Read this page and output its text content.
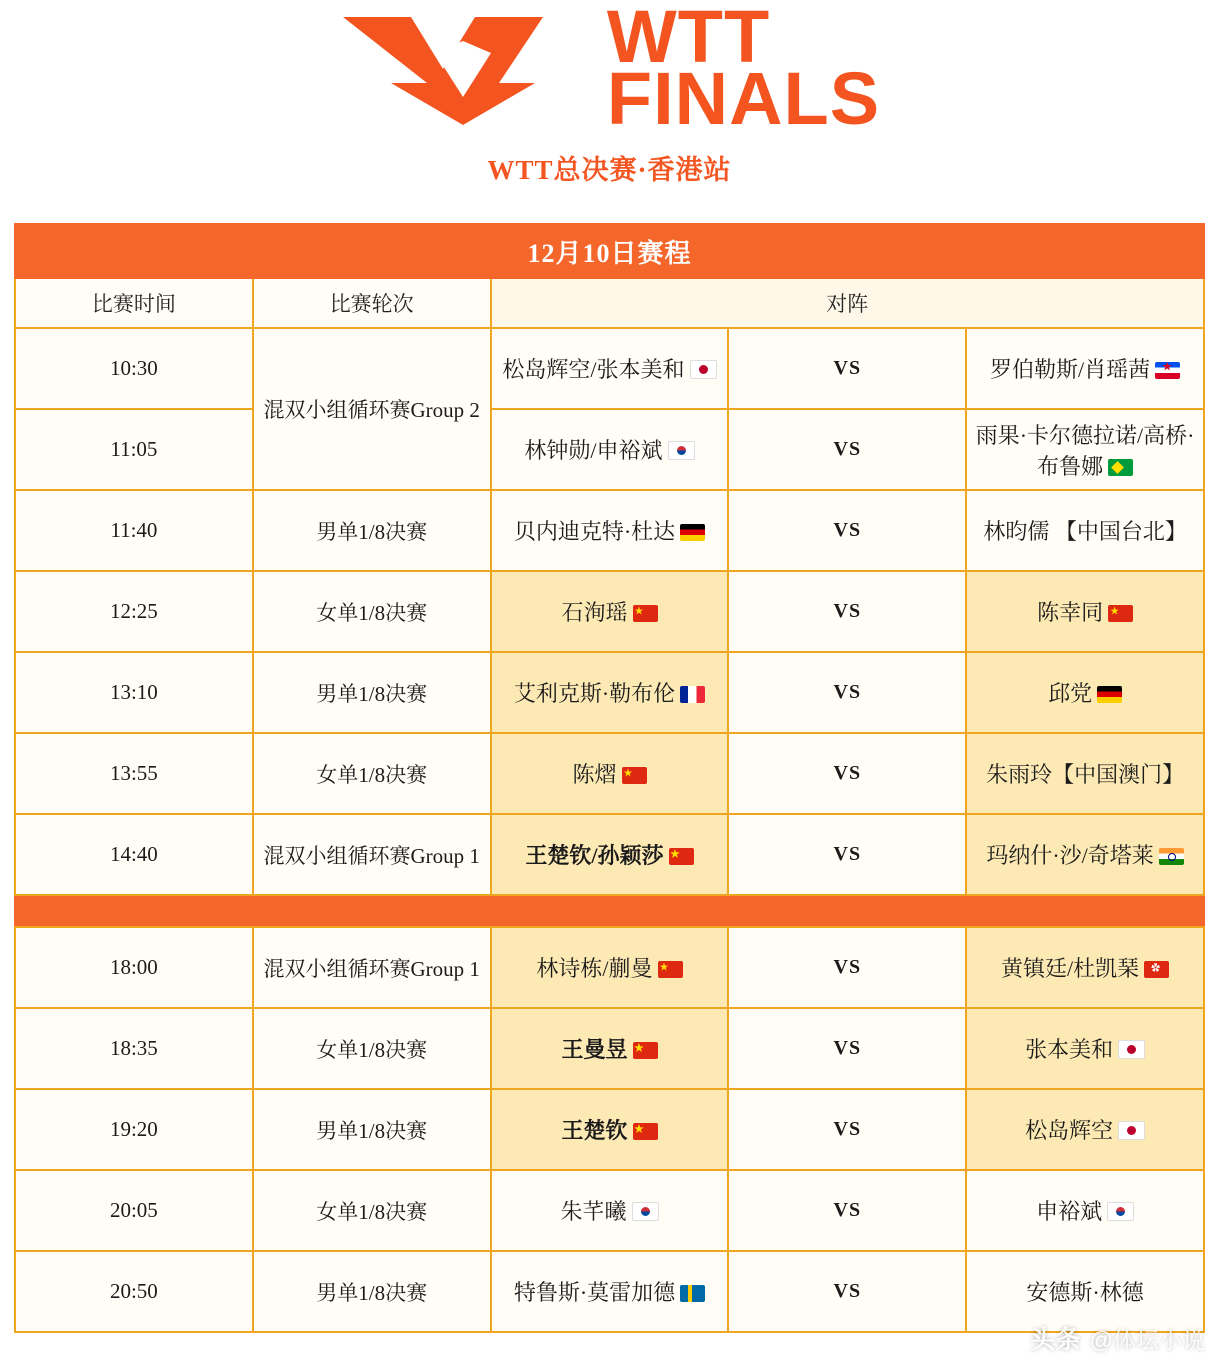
WTT
FINALS
WTT总决赛·香港站
12月10日赛程				
比赛时间	比赛轮次	对阵		
10:30	混双小组循环赛Group 2	松岛辉空/张本美和	VS	罗伯勒斯/肖瑶茜★
11:05		林钟勋/申裕斌	VS	雨果·卡尔德拉诺/高桥·布鲁娜
11:40	男单1/8决赛	贝内迪克特·杜达	VS	林昀儒 【中国台北】
12:25	女单1/8决赛	石洵瑶★	VS	陈幸同★
13:10	男单1/8决赛	艾利克斯·勒布伦	VS	邱党
13:55	女单1/8决赛	陈熠★	VS	朱雨玲【中国澳门】
14:40	混双小组循环赛Group 1	王楚钦/孙颖莎★	VS	玛纳什·沙/奇塔莱

18:00	混双小组循环赛Group 1	林诗栋/蒯曼★	VS	黄镇廷/杜凯琹✿
18:35	女单1/8决赛	王曼昱★	VS	张本美和
19:20	男单1/8决赛	王楚钦★	VS	松岛辉空
20:05	女单1/8决赛	朱芊曦	VS	申裕斌
20:50	男单1/8决赛	特鲁斯·莫雷加德	VS	安德斯·林德
头条 @体坛小说
